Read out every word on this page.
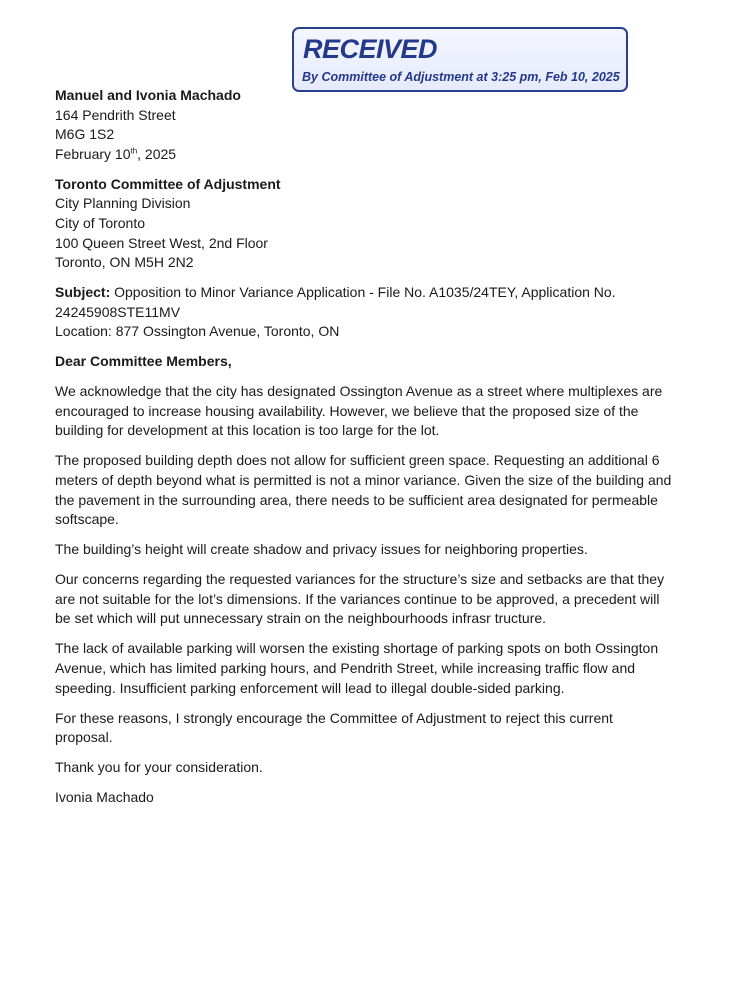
RECEIVED
By Committee of Adjustment at 3:25 pm, Feb 10, 2025
Manuel and Ivonia Machado
164 Pendrith Street
M6G 1S2
February 10th, 2025
Toronto Committee of Adjustment
City Planning Division
City of Toronto
100 Queen Street West, 2nd Floor
Toronto, ON M5H 2N2
Subject: Opposition to Minor Variance Application - File No. A1035/24TEY, Application No.
24245908STE11MV
Location: 877 Ossington Avenue, Toronto, ON
Dear Committee Members,
We acknowledge that the city has designated Ossington Avenue as a street where multiplexes are
encouraged to increase housing availability. However, we believe that the proposed size of the
building for development at this location is too large for the lot.
The proposed building depth does not allow for sufficient green space. Requesting an additional 6
meters of depth beyond what is permitted is not a minor variance. Given the size of the building and
the pavement in the surrounding area, there needs to be sufficient area designated for permeable
softscape.
The building’s height will create shadow and privacy issues for neighboring properties.
Our concerns regarding the requested variances for the structure’s size and setbacks are that they
are not suitable for the lot’s dimensions. If the variances continue to be approved, a precedent will
be set which will put unnecessary strain on the neighbourhoods infrasr tructure.
The lack of available parking will worsen the existing shortage of parking spots on both Ossington
Avenue, which has limited parking hours, and Pendrith Street, while increasing traffic flow and
speeding. Insufficient parking enforcement will lead to illegal double-sided parking.
For these reasons, I strongly encourage the Committee of Adjustment to reject this current
proposal.
Thank you for your consideration.
Ivonia Machado
